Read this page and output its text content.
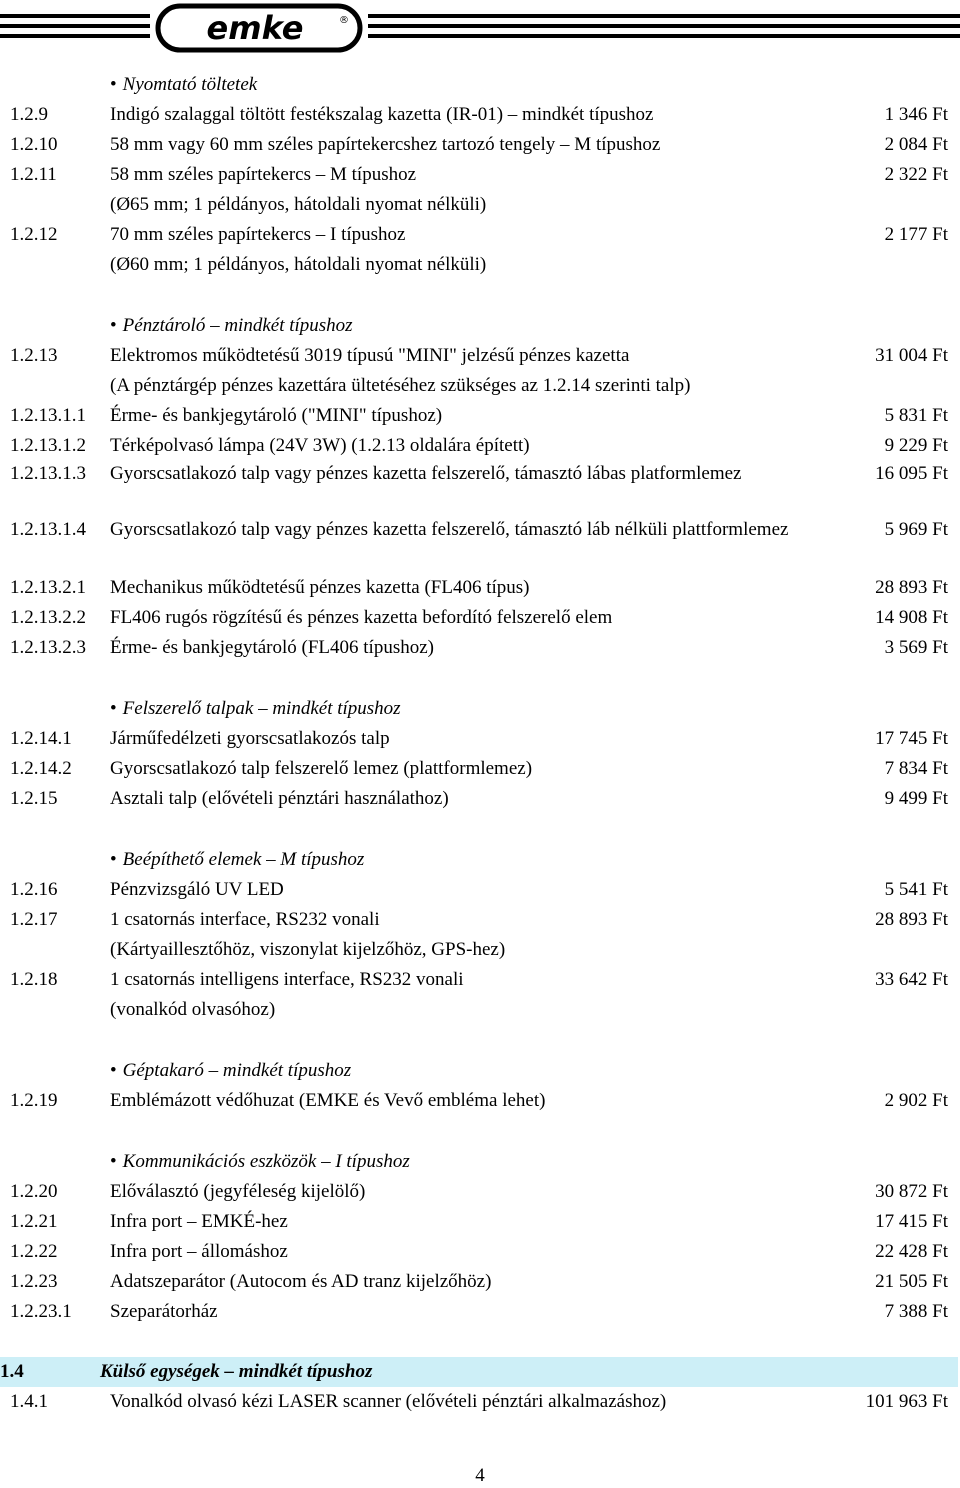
emke	®
• Nyomtató töltetek
1.2.9	Indigó szalaggal töltött festékszalag kazetta (IR-01) – mindkét típushoz	1 346 Ft
1.2.10	58 mm vagy 60 mm széles papírtekercshez tartozó tengely – M típushoz	2 084 Ft
1.2.11	58 mm széles papírtekercs – M típushoz	2 322 Ft
(Ø65 mm; 1 példányos, hátoldali nyomat nélküli)
1.2.12	70 mm széles papírtekercs – I típushoz	2 177 Ft
(Ø60 mm; 1 példányos, hátoldali nyomat nélküli)
• Pénztároló – mindkét típushoz
1.2.13	Elektromos működtetésű 3019 típusú "MINI" jelzésű pénzes kazetta	31 004 Ft
(A pénztárgép pénzes kazettára ültetéséhez szükséges az 1.2.14 szerinti talp)
1.2.13.1.1	Érme- és bankjegytároló ("MINI" típushoz)	5 831 Ft
1.2.13.1.2	Térképolvasó lámpa (24V 3W) (1.2.13 oldalára épített)	9 229 Ft
1.2.13.1.3	Gyorscsatlakozó talp vagy pénzes kazetta felszerelő, támasztó lábas platformlemez	16 095 Ft
1.2.13.1.4	Gyorscsatlakozó talp vagy pénzes kazetta felszerelő, támasztó láb nélküli plattformlemez	5 969 Ft
1.2.13.2.1	Mechanikus működtetésű pénzes kazetta (FL406 típus)	28 893 Ft
1.2.13.2.2	FL406 rugós rögzítésű és pénzes kazetta befordító felszerelő elem	14 908 Ft
1.2.13.2.3	Érme- és bankjegytároló (FL406 típushoz)	3 569 Ft
• Felszerelő talpak – mindkét típushoz
1.2.14.1	Járműfedélzeti gyorscsatlakozós talp	17 745 Ft
1.2.14.2	Gyorscsatlakozó talp felszerelő lemez (plattformlemez)	7 834 Ft
1.2.15	Asztali talp (elővételi pénztári használathoz)	9 499 Ft
• Beépíthető elemek – M típushoz
1.2.16	Pénzvizsgáló UV LED	5 541 Ft
1.2.17	1 csatornás interface, RS232 vonali	28 893 Ft
(Kártyaillesztőhöz, viszonylat kijelzőhöz, GPS-hez)
1.2.18	1 csatornás intelligens interface, RS232 vonali	33 642 Ft
(vonalkód olvasóhoz)
• Géptakaró – mindkét típushoz
1.2.19	Emblémázott védőhuzat (EMKE és Vevő embléma lehet)	2 902 Ft
• Kommunikációs eszközök – I típushoz
1.2.20	Előválasztó (jegyféleség kijelölő)	30 872 Ft
1.2.21	Infra port – EMKÉ-hez	17 415 Ft
1.2.22	Infra port – állomáshoz	22 428 Ft
1.2.23	Adatszeparátor (Autocom és AD tranz kijelzőhöz)	21 505 Ft
1.2.23.1	Szeparátorház	7 388 Ft
1.4	Külső egységek – mindkét típushoz
1.4.1	Vonalkód olvasó kézi LASER scanner (elővételi pénztári alkalmazáshoz)	101 963 Ft
4
